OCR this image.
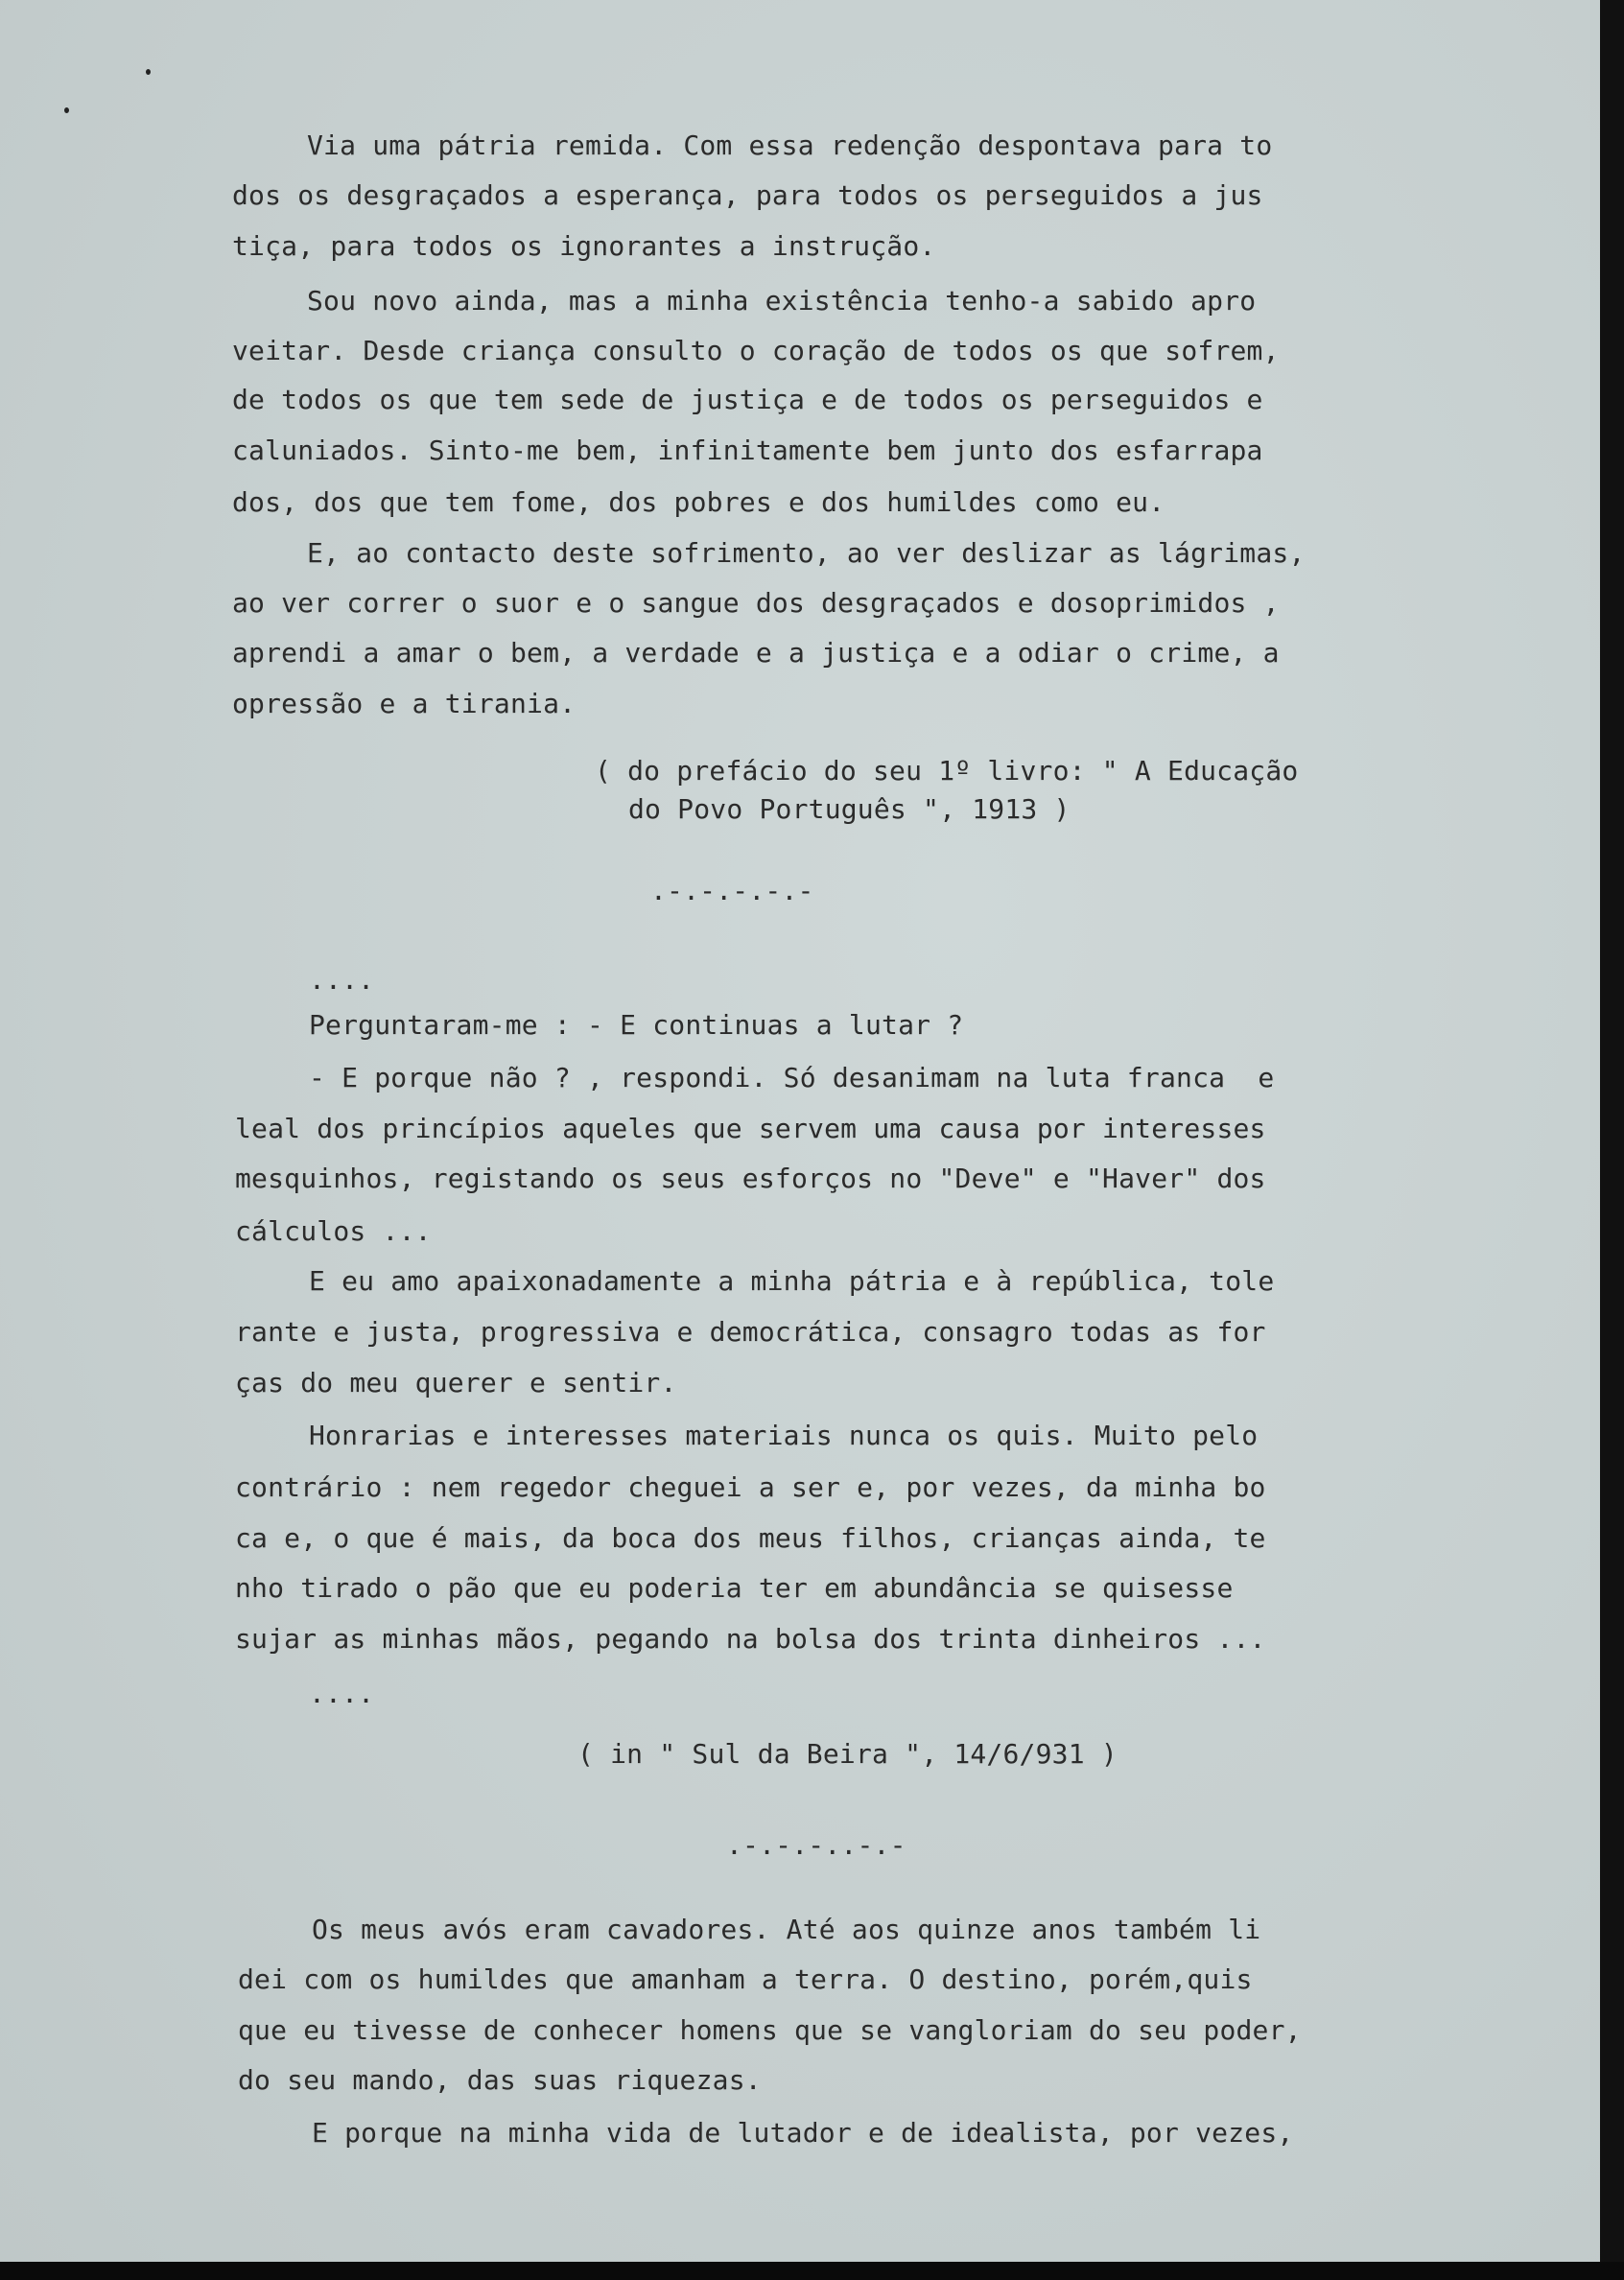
Via uma pátria remida. Com essa redenção despontava para to
dos os desgraçados a esperança, para todos os perseguidos a jus
tiça, para todos os ignorantes a instrução.
Sou novo ainda, mas a minha existência tenho-a sabido apro
veitar. Desde criança consulto o coração de todos os que sofrem,
de todos os que tem sede de justiça e de todos os perseguidos e
caluniados. Sinto-me bem, infinitamente bem junto dos esfarrapa
dos, dos que tem fome, dos pobres e dos humildes como eu.
E, ao contacto deste sofrimento, ao ver deslizar as lágrimas,
ao ver correr o suor e o sangue dos desgraçados e dosoprimidos ,
aprendi a amar o bem, a verdade e a justiça e a odiar o crime, a
opressão e a tirania.
( do prefácio do seu 1º livro: " A Educação
do Povo Português ", 1913 )
.-.-.-.-.-
....
Perguntaram-me : - E continuas a lutar ?
- E porque não ? , respondi. Só desanimam na luta franca  e
leal dos princípios aqueles que servem uma causa por interesses
mesquinhos, registando os seus esforços no "Deve" e "Haver" dos
cálculos ...
E eu amo apaixonadamente a minha pátria e à república, tole
rante e justa, progressiva e democrática, consagro todas as for
ças do meu querer e sentir.
Honrarias e interesses materiais nunca os quis. Muito pelo
contrário : nem regedor cheguei a ser e, por vezes, da minha bo
ca e, o que é mais, da boca dos meus filhos, crianças ainda, te
nho tirado o pão que eu poderia ter em abundância se quisesse
sujar as minhas mãos, pegando na bolsa dos trinta dinheiros ...
....
( in " Sul da Beira ", 14/6/931 )
.-.-.-..-.-
Os meus avós eram cavadores. Até aos quinze anos também li
dei com os humildes que amanham a terra. O destino, porém,quis
que eu tivesse de conhecer homens que se vangloriam do seu poder,
do seu mando, das suas riquezas.
E porque na minha vida de lutador e de idealista, por vezes,
